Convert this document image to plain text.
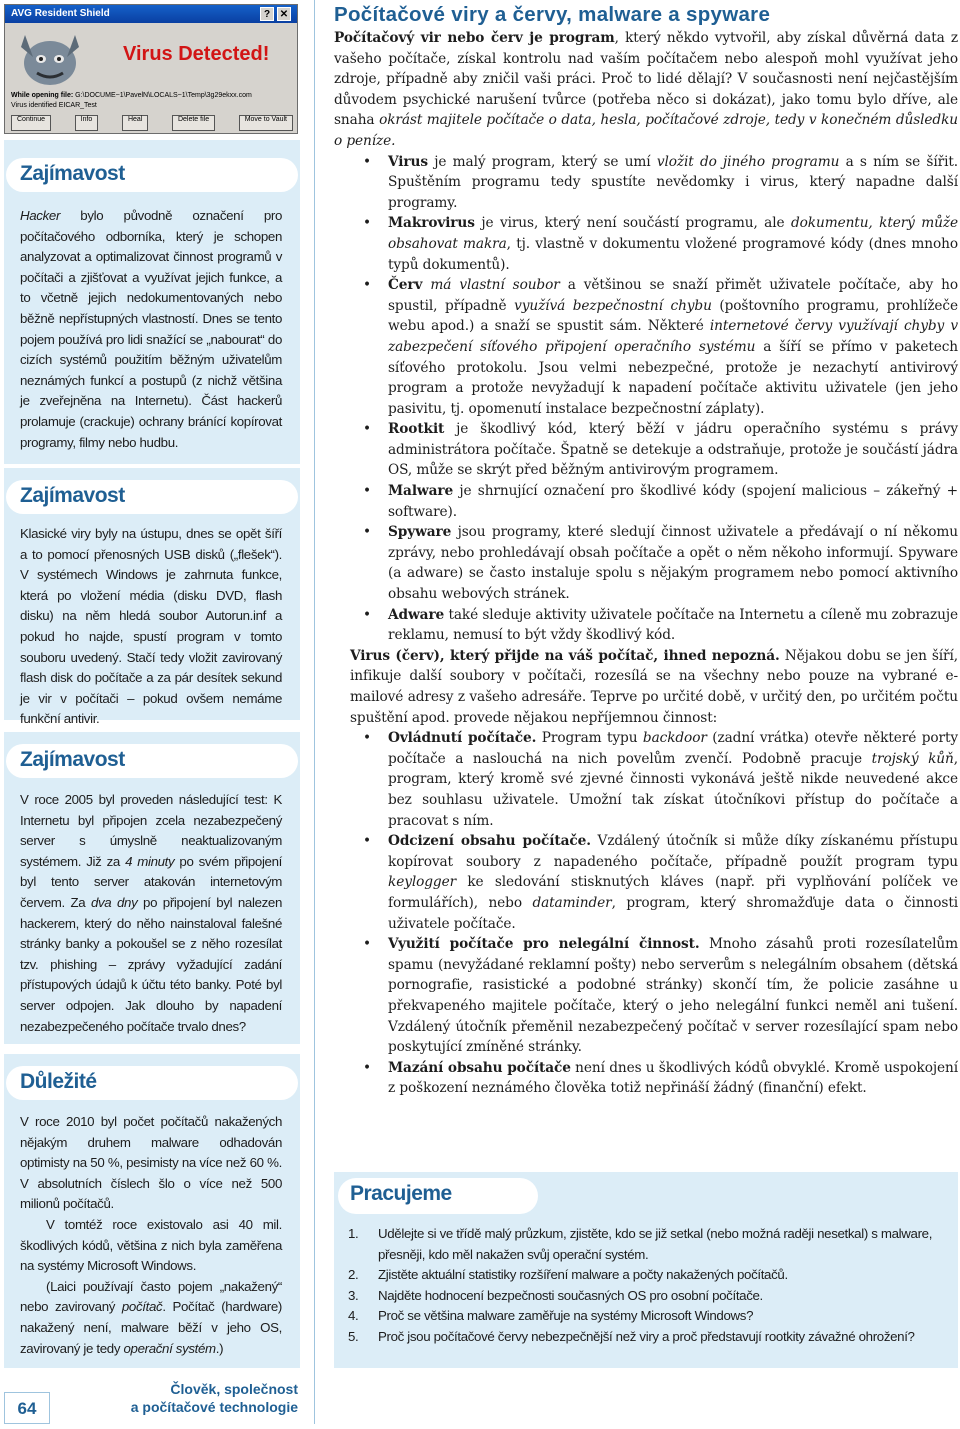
AVG Resident Shield	? ✕
Virus Detected!
While opening file: G:\DOCUME~1\PavelN\LOCALS~1\Temp\3g29ekxx.com
Virus identified EICAR_Test
Continue	Info	Heal	Delete file	Move to Vault
Zajímavost

Hacker bylo původně označení pro počítačového odborníka, který je schopen analyzovat a optimalizovat činnost programů v počítači a zjišťovat a využívat jejich funkce, a to včetně jejich nedokumentovaných nebo běžně nepřístupných vlastností. Dnes se tento pojem používá pro lidi snažící se „nabourat“ do cizích systémů použitím běžným uživatelům neznámých funkcí a postupů (z nichž většina je zveřejněna na Internetu). Část hackerů prolamuje (crackuje) ochrany bránící kopírovat programy, filmy nebo hudbu.

Zajímavost
Klasické viry byly na ústupu, dnes se opět šíří a to pomocí přenosných USB disků („flešek“). V systémech Windows je zahrnuta funkce, která po vložení média (disku DVD, flash disku) na něm hledá soubor Autorun.inf a pokud ho najde, spustí program v tomto souboru uvedený. Stačí tedy vložit zavirovaný flash disk do počítače a za pár desítek sekund je vir v počítači – pokud ovšem nemáme funkční antivir.
Zajímavost

V roce 2005 byl proveden následující test: K Internetu byl připojen zcela nezabezpečený server s úmyslně neaktualizovaným systémem. Již za 4 minuty po svém připojení byl tento server atakován internetovým červem. Za dva dny po připojení byl nalezen hackerem, který do něho nainstaloval falešné stránky banky a pokoušel se z něho rozesílat tzv. phishing – zprávy vyžadující zadání přístupových údajů k účtu této banky. Poté byl server odpojen. Jak dlouho by napadení nezabezpečeného počítače trvalo dnes?

Důležité

V roce 2010 byl počet počítačů nakažených nějakým druhem malware odhadován optimisty na 50 %, pesimisty na více než 60 %. V absolutních číslech šlo o více než 500 milionů počítačů.

V tomtéž roce existovalo asi 40 mil. škodlivých kódů, většina z nich byla zaměřena na systémy Microsoft Windows.

(Laici používají často pojem „nakažený“ nebo zavirovaný počítač. Počítač (hardware) nakažený není, malware běží v jeho OS, zavirovaný je tedy operační systém.)

64
Člověk, společnost
a počítačové technologie
Počítačové viry a červy, malware a spyware

Počítačový vir nebo červ je program, který někdo vytvořil, aby získal důvěrná data z vašeho počítače, získal kontrolu nad vaším počítačem nebo alespoň mohl využívat jeho zdroje, případně aby zničil vaši práci. Proč to lidé dělají? V současnosti není nejčastějším důvodem psychické narušení tvůrce (potřeba něco si dokázat), jako tomu bylo dříve, ale snaha okrást majitele počítače o data, hesla, počítačové zdroje, tedy v konečném důsledku o peníze.

• Virus je malý program, který se umí vložit do jiného programu a s ním se šířit. Spuštěním programu tedy spustíte nevědomky i virus, který napadne další programy.
• Makrovirus je virus, který není součástí programu, ale dokumentu, který může obsahovat makra, tj. vlastně v dokumentu vložené programové kódy (dnes mnoho typů dokumentů).
• Červ má vlastní soubor a většinou se snaží přimět uživatele počítače, aby ho spustil, případně využívá bezpečnostní chybu (poštovního programu, prohlížeče webu apod.) a snaží se spustit sám. Některé internetové červy využívají chyby v zabezpečení síťového připojení operačního systému a šíří se přímo v paketech síťového protokolu. Jsou velmi nebezpečné, protože je nezachytí antivirový program a protože nevyžadují k napadení počítače aktivitu uživatele (jen jeho pasivitu, tj. opomenutí instalace bezpečnostní záplaty).
• Rootkit je škodlivý kód, který běží v jádru operačního systému s právy administrátora počítače. Špatně se detekuje a odstraňuje, protože je součástí jádra OS, může se skrýt před běžným antivirovým programem.
• Malware je shrnující označení pro škodlivé kódy (spojení malicious – zákeřný + software).
• Spyware jsou programy, které sledují činnost uživatele a předávají o ní někomu zprávy, nebo prohledávají obsah počítače a opět o něm někoho informují. Spyware (a adware) se často instaluje spolu s nějakým programem nebo pomocí aktivního obsahu webových stránek.
• Adware také sleduje aktivity uživatele počítače na Internetu a cíleně mu zobrazuje reklamu, nemusí to být vždy škodlivý kód.

Virus (červ), který přijde na váš počítač, ihned nepozná. Nějakou dobu se jen šíří, infikuje další soubory v počítači, rozesílá se na všechny nebo pouze na vybrané e-mailové adresy z vašeho adresáře. Teprve po určité době, v určitý den, po určitém počtu spuštění apod. provede nějakou nepříjemnou činnost:

• Ovládnutí počítače. Program typu backdoor (zadní vrátka) otevře některé porty počítače a naslouchá na nich povelům zvenčí. Podobně pracuje trojský kůň, program, který kromě své zjevné činnosti vykonává ještě nikde neuvedené akce bez souhlasu uživatele. Umožní tak získat útočníkovi přístup do počítače a pracovat s ním.
• Odcizení obsahu počítače. Vzdálený útočník si může díky získanému přístupu kopírovat soubory z napadeného počítače, případně použít program typu keylogger ke sledování stisknutých kláves (např. při vyplňování políček ve formulářích), nebo dataminder, program, který shromažďuje data o činnosti uživatele počítače.
• Využití počítače pro nelegální činnost. Mnoho zásahů proti rozesílatelům spamu (nevyžádané reklamní pošty) nebo serverům s nelegálním obsahem (dětská pornografie, rasistické a podobné stránky) skončí tím, že policie zasáhne u překvapeného majitele počítače, který o jeho nelegální funkci neměl ani tušení. Vzdálený útočník přeměnil nezabezpečený počítač v server rozesílající spam nebo poskytující zmíněné stránky.
• Mazání obsahu počítače není dnes u škodlivých kódů obvyklé. Kromě uspokojení z poškození neznámého člověka totiž nepřináší žádný (finanční) efekt.
Pracujeme
1. Udělejte si ve třídě malý průzkum, zjistěte, kdo se již setkal (nebo možná raději nesetkal) s malware, přesněji, kdo měl nakažen svůj operační systém.
2. Zjistěte aktuální statistiky rozšíření malware a počty nakažených počítačů.
3. Najděte hodnocení bezpečnosti současných OS pro osobní počítače.
4. Proč se většina malware zaměřuje na systémy Microsoft Windows?
5. Proč jsou počítačové červy nebezpečnější než viry a proč představují rootkity závažné ohrožení?
